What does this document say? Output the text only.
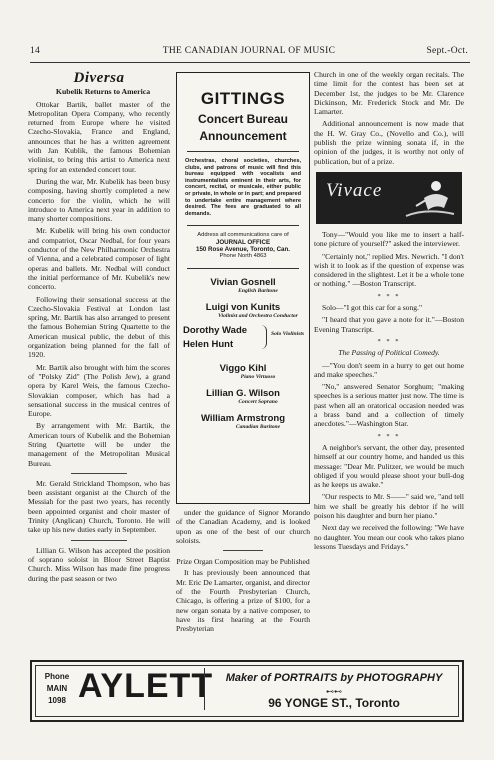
14	THE CANADIAN JOURNAL OF MUSIC	Sept.-Oct.
Diversa

Kubelik Returns to America

Ottokar Bartik, ballet master of the Metropolitan Opera Company, who recently returned from Europe where he visited Czecho-Slovakia, France and England, announces that he has a written agreement with Jan Kublik, the famous Bohemian violinist, to bring this artist to America next spring for an extended concert tour.

During the war, Mr. Kubelik has been busy composing, having shortly completed a new concerto for the violin, which he will introduce to America next year in addition to many shorter compositions.

Mr. Kubelik will bring his own conductor and compatriot, Oscar Nedbal, for four years conductor of the New Philharmonic Orchestra of Vienna, and a celebrated composer of light operas and ballets. Mr. Nedbal will conduct the initial performance of Mr. Kubelik's new concerto.

Following their sensational success at the Czecho-Slovakia Festival at London last spring, Mr. Bartik has also arranged to present the famous Bohemian String Quartette to the American musical public, the debut of this organization being planned for the fall of 1920.

Mr. Bartik also brought with him the scores of "Polsky Zid" (The Polish Jew), a grand opera by Karel Weis, the famous Czecho-Slovakian composer, which has had a sensational success in the musical centres of Europe.

By arrangement with Mr. Bartik, the American tours of Kubelik and the Bohemian String Quartette will be under the management of the Metropolitan Musical Bureau.

Mr. Gerald Strickland Thompson, who has been assistant organist at the Church of the Messiah for the past two years, has recently been appointed organist and choir master of Trinity (Anglican) Church, Toronto. He will take up his new duties early in September.

Lillian G. Wilson has accepted the position of soprano soloist in Bloor Street Baptist Church. Miss Wilson has made fine progress during the past season or two

GITTINGS
Concert Bureau
Announcement
Orchestras, choral societies, churches, clubs, and patrons of music will find this bureau equipped with vocalists and instrumentalists eminent in their arts, for concert, recital, or musicale, either public or private, in whole or in part; and prepared to undertake entire management where desired. The fees are graduated to all demands.
Address all communications care of
JOURNAL OFFICE
150 Rose Avenue, Toronto, Can.
Phone North 4863
Vivian Gosnell
English Baritone
Luigi von Kunits
Violinist and Orchestra Conductor
Dorothy Wade
Helen Hunt
Solo Violinists
Viggo Kihl
Piano Virtuoso
Lillian G. Wilson
Concert Soprano
William Armstrong
Canadian Baritone

under the guidance of Signor Morando of the Canadian Academy, and is looked upon as one of the best of our church soloists.

Prize Organ Composition may be Published

It has previously been announced that Mr. Eric De Lamarter, organist, and director of the Fourth Presbyterian Church, Chicago, is offering a prize of $100, for a new organ sonata by a native composer, to have its first hearing at the Fourth Presbyterian

Church in one of the weekly organ recitals. The time limit for the contest has been set at December 1st, the judges to be Mr. Clarence Dickinson, Mr. Frederick Stock and Mr. De Lamarter.

Additional announcement is now made that the H. W. Gray Co., (Novello and Co.), will publish the prize winning sonata if, in the opinion of the judges, it is worthy not only of publication, but of a prize.

Vivace

Tony—"Would you like me to insert a half-tone picture of yourself?" asked the interviewer.

"Certainly not," replied Mrs. Newrich. "I don't wish it to look as if the question of expense was considered in the slightest. Let it be a whole tone or nothing." —Boston Transcript.

* * *

Solo—"I got this car for a song."

"I heard that you gave a note for it."—Boston Evening Transcript.

* * *

The Passing of Political Comedy.

—"You don't seem in a hurry to get out home and make speeches."

"No," answered Senator Sorghum; "making speeches is a serious matter just now. The time is past when all an oratorical occasion needed was a brass band and a collection of timely anecdotes."—Washington Star.

* * *

A neighbor's servant, the other day, presented himself at our country home, and handed us this message: "Dear Mr. Pulitzer, we would be much obliged if you would please shoot your bull-dog as he keeps us awake."

"Our respects to Mr. S——" said we, "and tell him we shall be greatly his debtor if he will poison his daughter and burn her piano."

Next day we received the following: "We have no daughter. You mean our cook who takes piano lessons Tuesdays and Fridays."

Phone
MAIN
1098 AYLETT	Maker of PORTRAITS by PHOTOGRAPHY
⊷⊷
96 YONGE ST., Toronto
